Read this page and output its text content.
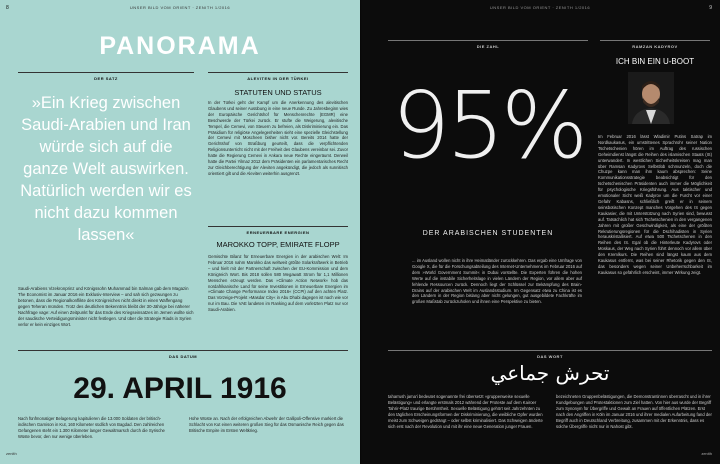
8	UNSER BILD VOM ORIENT · ZENITH 1/2016
PANORAMA
DER SATZ	ALEVITEN IN DER TÜRKEI
»Ein Krieg zwischen Saudi-Arabien und Iran würde sich auf die ganze Welt auswirken. Natürlich werden wir es nicht dazu kommen lassen«
Saudi-Arabiens Vizekronprinz und Königssohn Muhammad bin Salman gab dem Magazin The Economist im Januar 2016 ein Exklusiv-Interview – und sah sich gezwungen zu betonen, dass die Regionalkonflikte des Königreiches nicht direkt in einen Waffengang gegen Teheran münden. Trotz des deutlichen Bekenntnis bleibt der 30-Jährige bei näherer Nachfrage vage: Auf einen Zeitpunkt für das Ende des Kriegseinsatzes im Jemen wollte sich der saudische Verteidigungsminister nicht festlegen. Und über die Strategie Riads in Syrien verlor er kein einziges Wort.
STATUTEN UND STATUS
In der Türkei geht der Kampf um die Anerkennung des alevitischen Glaubens und seiner Ausübung in eine neue Runde. Zu Jahresbeginn wies der Europäische Gerichtshof für Menschenrechte (EGMR) eine Beschwerde der Türkei zurück. Er stufte die Weigerung, alevitische Tempel, die Cemevi, von Steuern zu befreien, als Diskriminierung ein. Das Präsidium für religiöse Angelegenheiten sieht eine spezielle Gleichstellung der Cemevi mit Moscheen bisher nicht vor. Bereits 2014 hatte der Gerichtshof von Straßburg geurteilt, dass die verpflichtenden Religionsunterricht nicht mit der Freiheit des Glaubens vereinbar sei. Zuvor hatte die Regierung Cemevi in Ankara neue Rechte eingeräumt. Derweil hatte die Partei Yilmaz 2012 dem Präsidenten ein parlamentarisches Recht zur Gleichberechtigung der Aleviten angekündigt, die jedoch als sunnitisch orientiert gilt und die Aleviten weiterhin ausgrenzt.
ERNEUERBARE ENERGIEN
MAROKKO TOPP, EMIRATE FLOPP
Gemischte Bilanz für Erneuerbare Energien in der arabischen Welt: Im Februar 2016 nahm Marokko das weltweit größte Solarkraftwerk in Betrieb – und hielt mit der Partnerschaft zwischen der EU-Kommission und dem Königreich Wort. Bis 2018 sollen 580 Megawatt Strom für 1,1 Millionen Menschen erzeugt werden. Das »Climate Action Network« hob das nordafrikanische Land für seine Investitionen in Erneuerbare Energien im »Climate Change Performance Index 2016« (CCPI) auf den achten Platz. Das Vorzeige-Projekt »Masdar City« in Abu Dhabi dagegen ist nach wie vor nur im Bau. Die VAE landeten im Ranking auf dem vorletzten Platz nur vor Saudi-Arabien.
DAS DATUM
29. APRIL 1916
Nach fünfmonatiger Belagerung kapitulieren die 13.000 Soldaten der britisch-indischen Garnison in Kut, 160 Kilometer südlich von Bagdad. Den zahlreichen Gefangenen steht ein 1.300 Kilometer langer Gewaltmarsch durch die Syrische Wüste bevor, den nur wenige überleben.
Hohe Wüste an. Nach der erfolgreichen Abwehr der Gallipoli-Offensive markiert die Schlacht von Kut einen weiteren großen Sieg für das Osmanische Reich gegen das Britische Empire im Ersten Weltkrieg.
zenith
9
UNSER BILD VOM ORIENT · ZENITH 1/2016
DIE ZAHL
95%
DER ARABISCHEN STUDENTEN
... im Ausland wollen nicht in ihre Heimatländer zurückkehren. Das ergab eine Umfrage von Google X, die für die Forschungsabteilung des Internet-Unternehmens im Februar 2016 auf dem »World Government Summit« in Dubai vorstellte. Die Experten führen die hohen Werte auf die instabile Sicherheitslage in vielen Ländern der Region, vor allem aber auf fehlende Ressourcen zurück. Dennoch liegt der Schlüssel zur Bekämpfung des Brain-Drains auf der arabischen Welt im Auslandsstudium. Im Gegensatz etwa zu China ist es den Ländern in der Region bislang aber nicht gelungen, gut ausgebildete Fachkräfte im großen Maßstab zurückzuholen und ihnen eine Perspektive zu bieten.
RAMZAN KADYROV
ICH BIN EIN U-BOOT
Im Februar 2016 lässt Wladimir Putins Satrap im Nordkaukasus, ein umstrittenes Sprachrohr seiner Nation Tschetschenien hören im Auftrag des russischen Geheimdienst längst die Reihen des islamischen Staats (IS) unterwandert. In westlichen Sicherheitskreisen mag man über Ramsan Kadyrovs Selbstlob schmunzeln, doch die Chuzpe kann man ihm kaum absprechen: Seine Kommunikationsstrategie beabsichtigt für den tschetschenischen Präsidenten auch immer die Möglichkeit für psychologische Kriegsführung. Aus taktischer und emotionaler Sicht weiß Kadyrov um die Furcht vor einer Gefahr Kabasns, schließlich greift er in seinem seinsbotischen Konzept manches Vorgehen des IS gegen Kaukasier, die mit Unterstützung nach Syrien sind, bewusst auf. Tatsächlich hat sich Tschetschenien in den vergangenen Jahren mit großer Geschwindigkeit, als eine der größten Rekrutierungsregionen für die Dschihadisten in Syrien herauskristallisiert. Auf etwa 500 Tschetschenen in den Reihen des IS. Egal ob die Hinterleute Kadyrovs oder Moskaus, der Weg nach Syrien führt dennoch vor allem über den Kremlkurs. Die Reihen sind längst kaum aus dem Kaukasus entfernt, was bei seiner Rhetorik gegen den IS, das besonders wegen seiner Unbeherrschbarkeit im Kaukasus so gefährlich erscheint, immer Wirkung zeigt.
DAS WORT
تحرش جماعي
taharrush jama'i bedeutet sogenannte frei übersetzt »gruppenweise sexuelle Belästigung« und erlangte erstmals 2012 während der Proteste auf dem Kairoer Tahrir-Platz traurige Berühmtheit. Sexuelle Belästigung gehört seit Jahrzehnten zu den täglichen Erscheinungsformen der Diskriminierung, die weibliche Opfer wurden meist zum Schweigen gedrängt – oder selbst kriminalisiert. Das Schweigen änderte sich erst nach der Revolution und mit ihr eine neue Generation junger Frauen.
bezeichneten Gruppenbelästigungen, die Demonstrantinnen überrascht und in ihrer Kundgebungen und Protestaktionen zum Ziel hatten. Von hier aus wurde der Begriff zum Synonym für Übergriffe und Gewalt an Frauen auf öffentlichen Plätzen. Erst nach den Angriffen in Köln im Januar 2016 und ihrer medialen Aufarbeitung fand der Begriff auch in Deutschland Verbreitung, zusammen mit der Erkenntnis, dass es solche Übergriffe nicht nur in Nahost gibt.
zenith
